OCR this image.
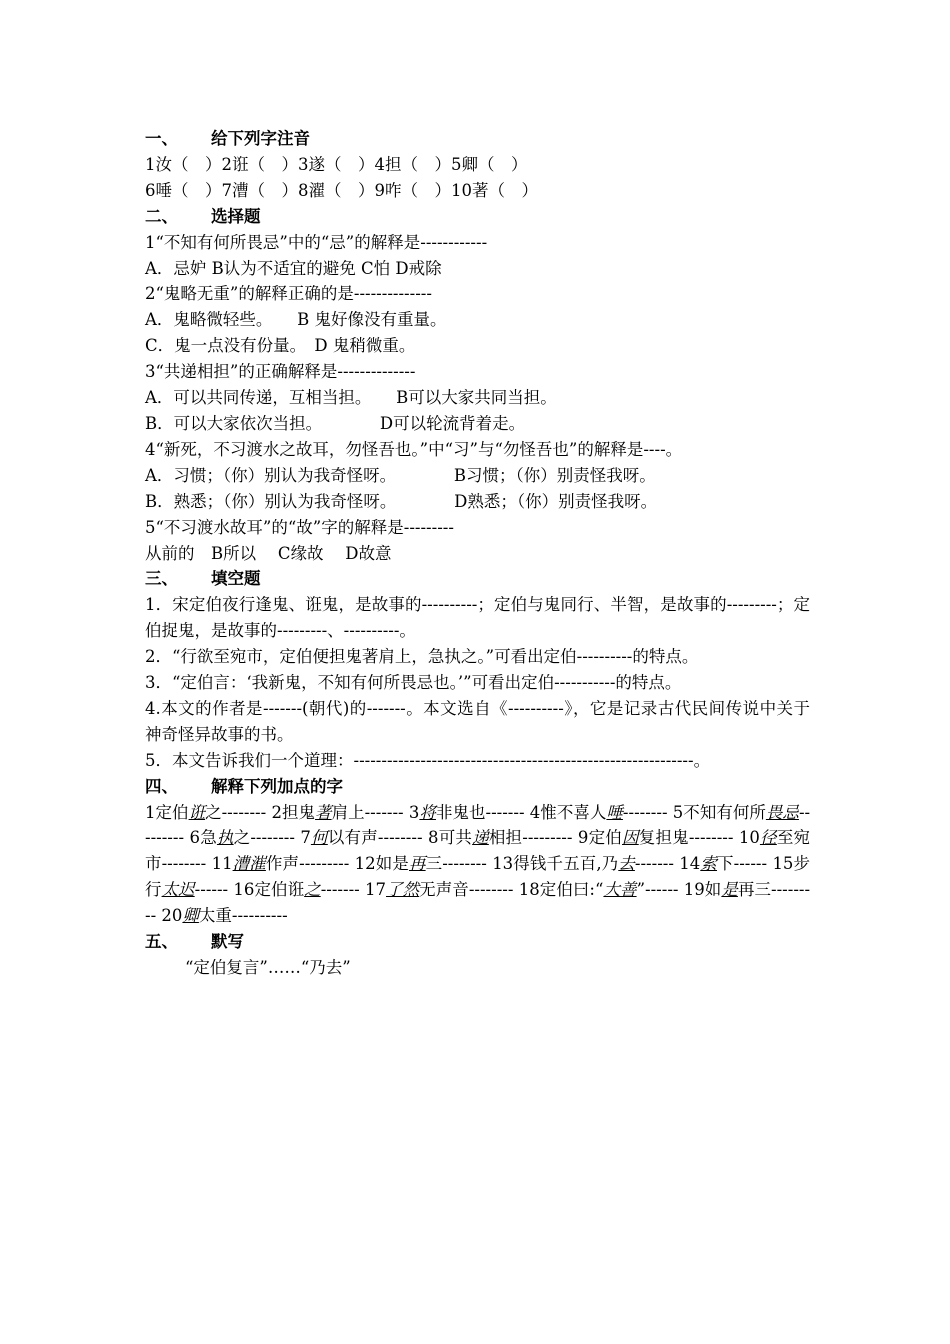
一、 给下列字注音
1汝（　）2诳（　）3遂（　）4担（　）5卿（　）
6唾（　）7漕（　）8濯（　）9咋（　）10著（　）
二、 选择题
1“不知有何所畏忌”中的“忌”的解释是------------
A．忌妒 B认为不适宜的避免 C怕 D戒除
2“鬼略无重”的解释正确的是--------------
A．鬼略微轻些。　　B 鬼好像没有重量。
C．鬼一点没有份量。　D 鬼稍微重。
3“共递相担”的正确解释是--------------
A．可以共同传递，互相当担。　　B可以大家共同当担。
B．可以大家依次当担。　　　　D可以轮流背着走。
4“新死，不习渡水之故耳，勿怪吾也。”中“习”与“勿怪吾也”的解释是----。
A．习惯；（你）别认为我奇怪呀。　　　　B习惯；（你）别责怪我呀。
B．熟悉；（你）别认为我奇怪呀。　　　　D熟悉；（你）别责怪我呀。
5“不习渡水故耳”的“故”字的解释是---------
从前的　B所以　 C缘故　 D故意
三、 填空题
1．宋定伯夜行逢鬼、诳鬼，是故事的----------；定伯与鬼同行、半智，是故事的---------；定伯捉鬼，是故事的---------、----------。
2．“行欲至宛市，定伯便担鬼著肩上，急执之。”可看出定伯----------的特点。
3．“定伯言：‘我新鬼，不知有何所畏忌也。’”可看出定伯-----------的特点。
4.本文的作者是-------(朝代)的-------。本文选自《----------》，它是记录古代民间传说中关于神奇怪异故事的书。
5．本文告诉我们一个道理：-------------------------------------------------------------。
四、 解释下列加点的字
1定伯诳之-------- 2担鬼著肩上------- 3将非鬼也------- 4惟不喜人唾-------- 5不知有何所畏忌--------- 6急执之-------- 7何以有声-------- 8可共递相担--------- 9定伯因复担鬼-------- 10径至宛市-------- 11漕漼作声--------- 12如是再三-------- 13得钱千五百,乃去------- 14索下------ 15步行太迟------ 16定伯诳之------- 17了然无声音-------- 18定伯曰:“大善”------ 19如是再三--------- 20卿太重----------
五、 默写
“定伯复言”……“乃去”
